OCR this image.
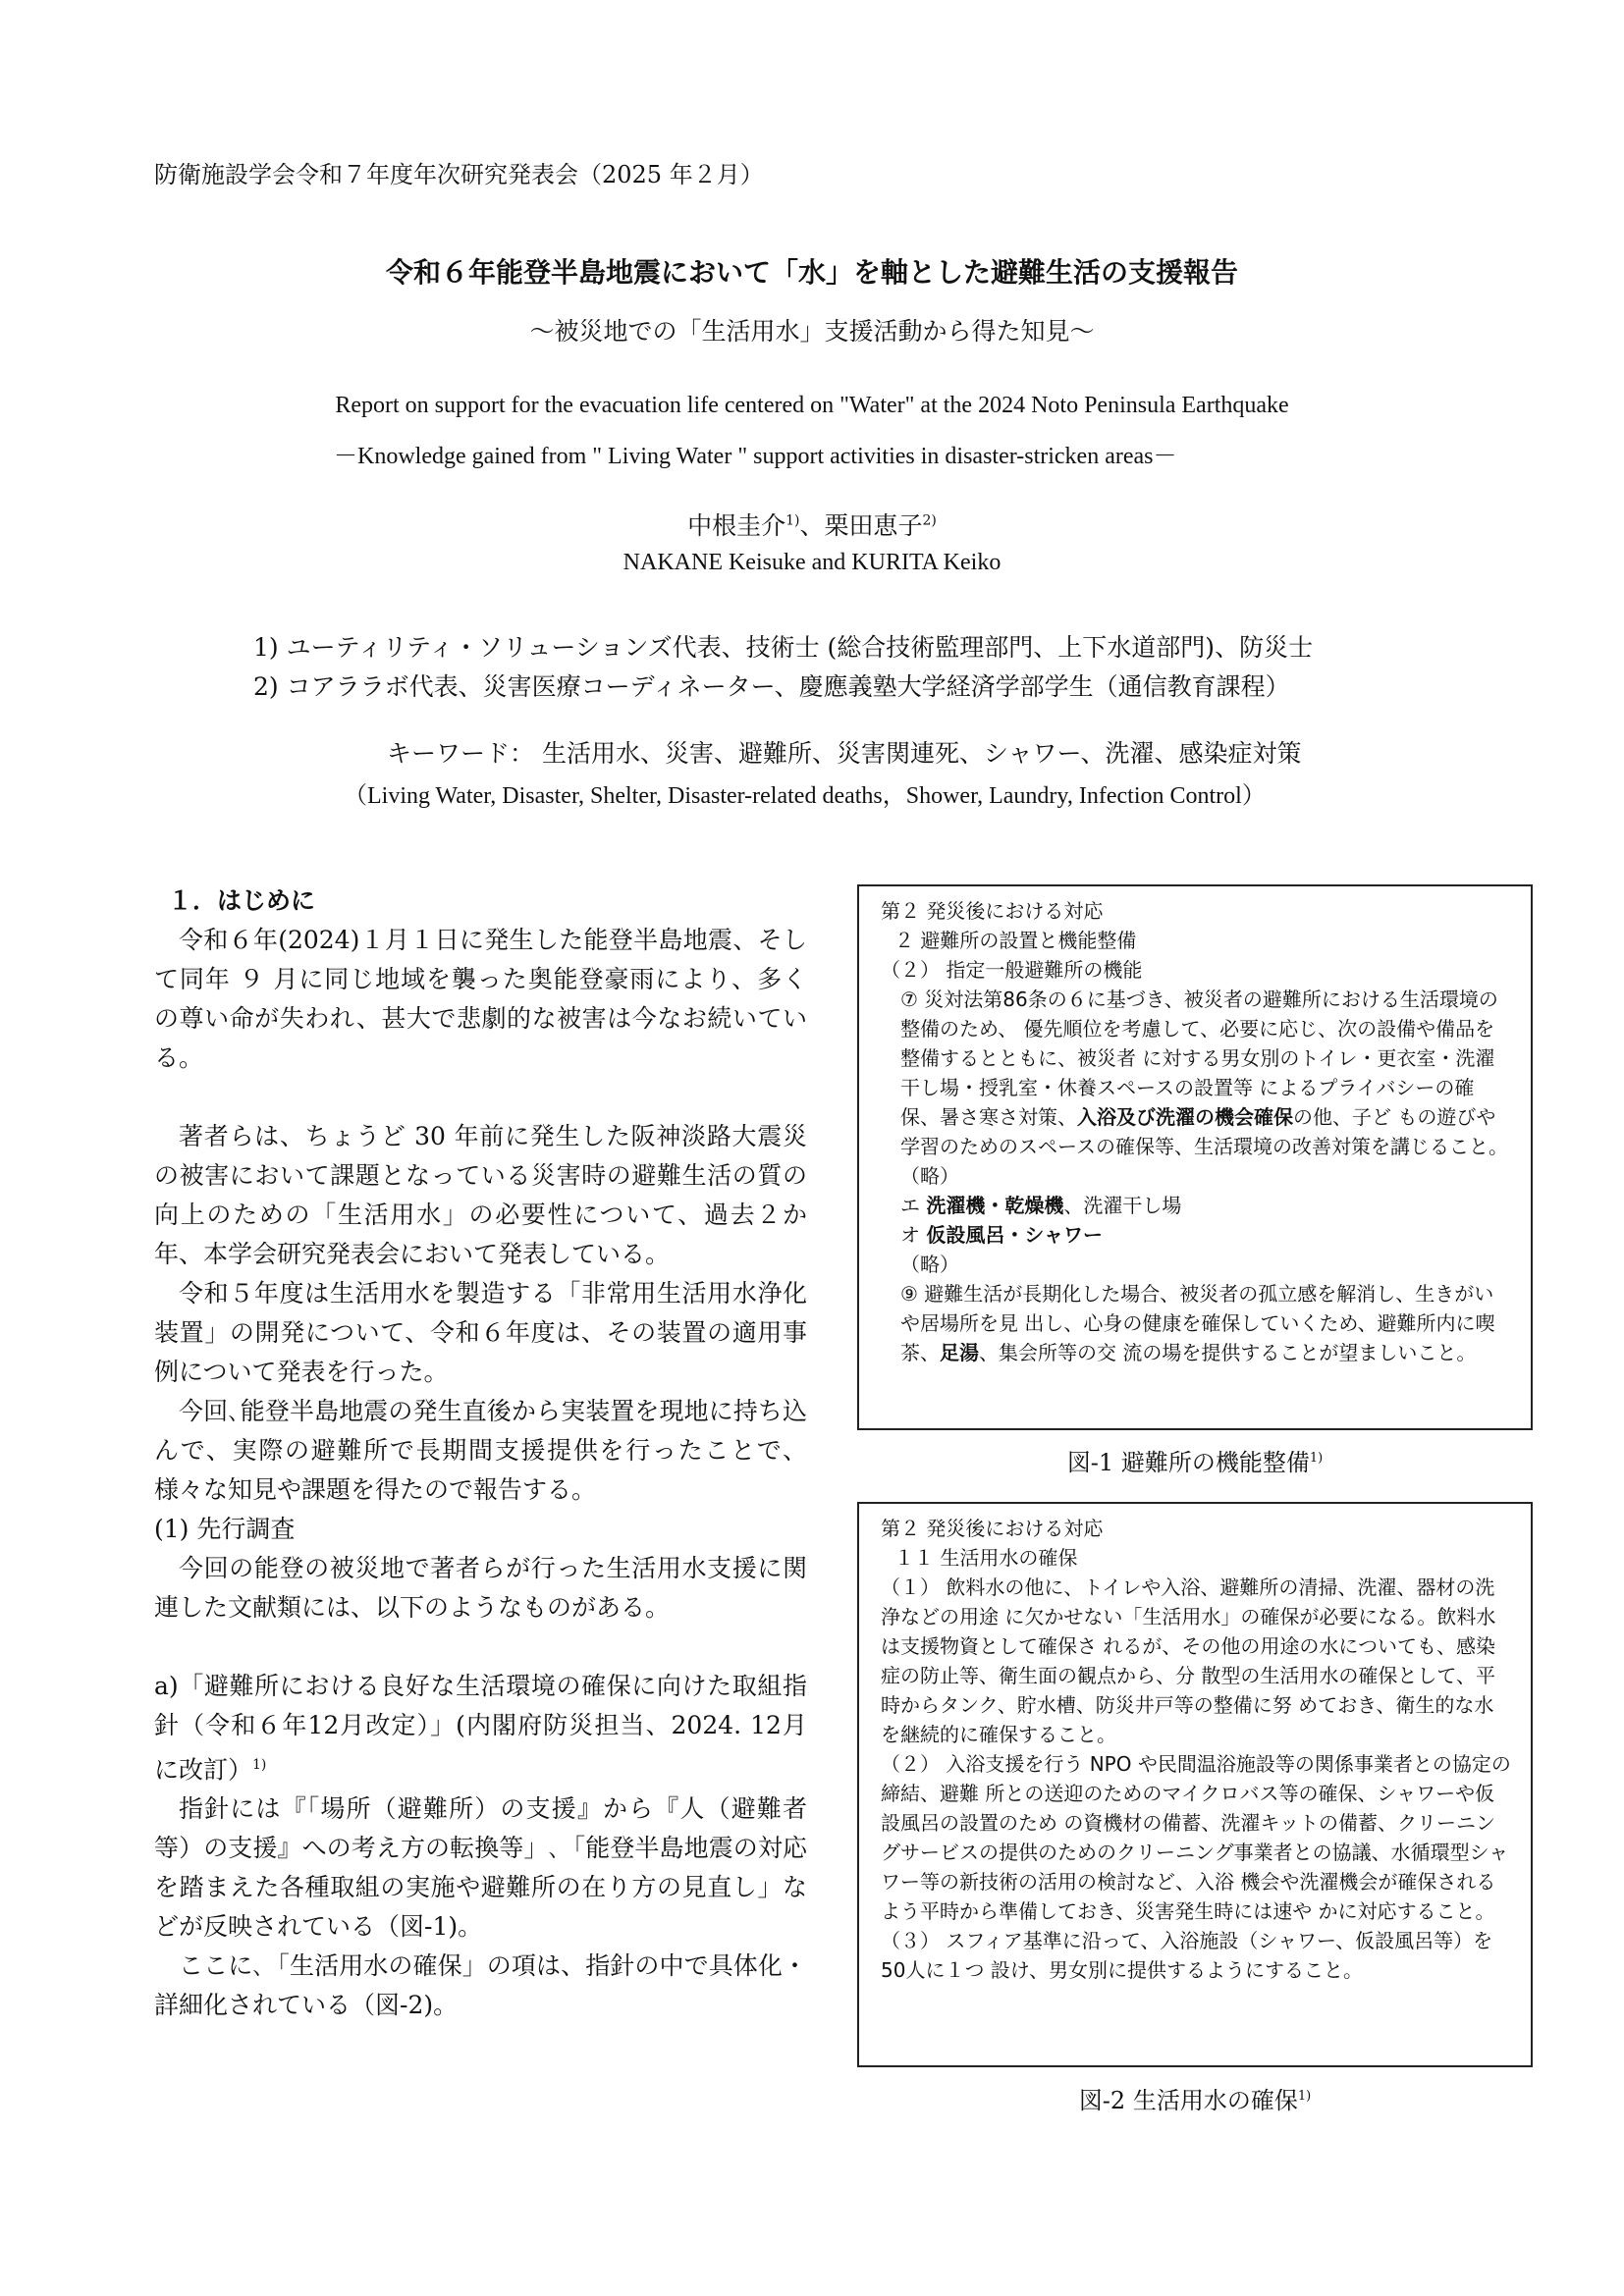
防衛施設学会令和７年度年次研究発表会（2025 年２月）
令和６年能登半島地震において「水」を軸とした避難生活の支援報告
～被災地での「生活用水」支援活動から得た知見～
Report on support for the evacuation life centered on "Water" at the 2024 Noto Peninsula Earthquake
－Knowledge gained from " Living Water " support activities in disaster-stricken areas－
中根圭介$^{1)}$、栗田恵子$^{2)}$
NAKANE Keisuke and KURITA Keiko
1) ユーティリティ・ソリューションズ代表、技術士 (総合技術監理部門、上下水道部門)、防災士
2) コアララボ代表、災害医療コーディネーター、慶應義塾大学経済学部学生（通信教育課程）
キーワード： 生活用水、災害、避難所、災害関連死、シャワー、洗濯、感染症対策
（Living Water, Disaster, Shelter, Disaster-related deaths，Shower, Laundry, Infection Control）

１．はじめに

令和６年(2024)１月１日に発生した能登半島地震、そして同年 ９ 月に同じ地域を襲った奥能登豪雨により、多くの尊い命が失われ、甚大で悲劇的な被害は今なお続いている。

著者らは、ちょうど 30 年前に発生した阪神淡路大震災の被害において課題となっている災害時の避難生活の質の向上のための「生活用水」の必要性について、過去２か年、本学会研究発表会において発表している。

令和５年度は生活用水を製造する「非常用生活用水浄化装置」の開発について、令和６年度は、その装置の適用事例について発表を行った。

今回､能登半島地震の発生直後から実装置を現地に持ち込んで、実際の避難所で長期間支援提供を行ったことで、様々な知見や課題を得たので報告する。

(1) 先行調査

今回の能登の被災地で著者らが行った生活用水支援に関連した文献類には、以下のようなものがある。

a)「避難所における良好な生活環境の確保に向けた取組指針（令和６年12月改定）」(内閣府防災担当、2024. 12月に改訂）$^{1)}$

指針には『｢場所（避難所）の支援』から『人（避難者等）の支援』への考え方の転換等」､「能登半島地震の対応を踏まえた各種取組の実施や避難所の在り方の見直し」などが反映されている（図-1)。

ここに､「生活用水の確保」の項は、指針の中で具体化・詳細化されている（図-2)。

第２ 発災後における対応
２ 避難所の設置と機能整備
（２） 指定一般避難所の機能
⑦ 災対法第86条の６に基づき、被災者の避難所における生活環境の整備のため、 優先順位を考慮して、必要に応じ、次の設備や備品を整備するとともに、被災者 に対する男女別のトイレ・更衣室・洗濯干し場・授乳室・休養スペースの設置等 によるプライバシーの確保、暑さ寒さ対策、入浴及び洗濯の機会確保の他、子ど もの遊びや学習のためのスペースの確保等、生活環境の改善対策を講じること。
（略）
エ 洗濯機・乾燥機、洗濯干し場
オ 仮設風呂・シャワー
（略）
⑨ 避難生活が長期化した場合、被災者の孤立感を解消し、生きがいや居場所を見 出し、心身の健康を確保していくため、避難所内に喫茶、足湯、集会所等の交 流の場を提供することが望ましいこと。
図-1 避難所の機能整備$^{1)}$
第２ 発災後における対応
１１ 生活用水の確保
（１） 飲料水の他に、トイレや入浴、避難所の清掃、洗濯、器材の洗浄などの用途 に欠かせない「生活用水」の確保が必要になる。飲料水は支援物資として確保さ れるが、その他の用途の水についても、感染症の防止等、衛生面の観点から、分 散型の生活用水の確保として、平時からタンク、貯水槽、防災井戸等の整備に努 めておき、衛生的な水を継続的に確保すること。
（２） 入浴支援を行う NPO や民間温浴施設等の関係事業者との協定の締結、避難 所との送迎のためのマイクロバス等の確保、シャワーや仮設風呂の設置のため の資機材の備蓄、洗濯キットの備蓄、クリーニングサービスの提供のためのクリーニング事業者との協議、水循環型シャワー等の新技術の活用の検討など、入浴 機会や洗濯機会が確保されるよう平時から準備しておき、災害発生時には速や かに対応すること。
（３） スフィア基準に沿って、入浴施設（シャワー、仮設風呂等）を50人に１つ 設け、男女別に提供するようにすること。
図-2 生活用水の確保$^{1)}$
